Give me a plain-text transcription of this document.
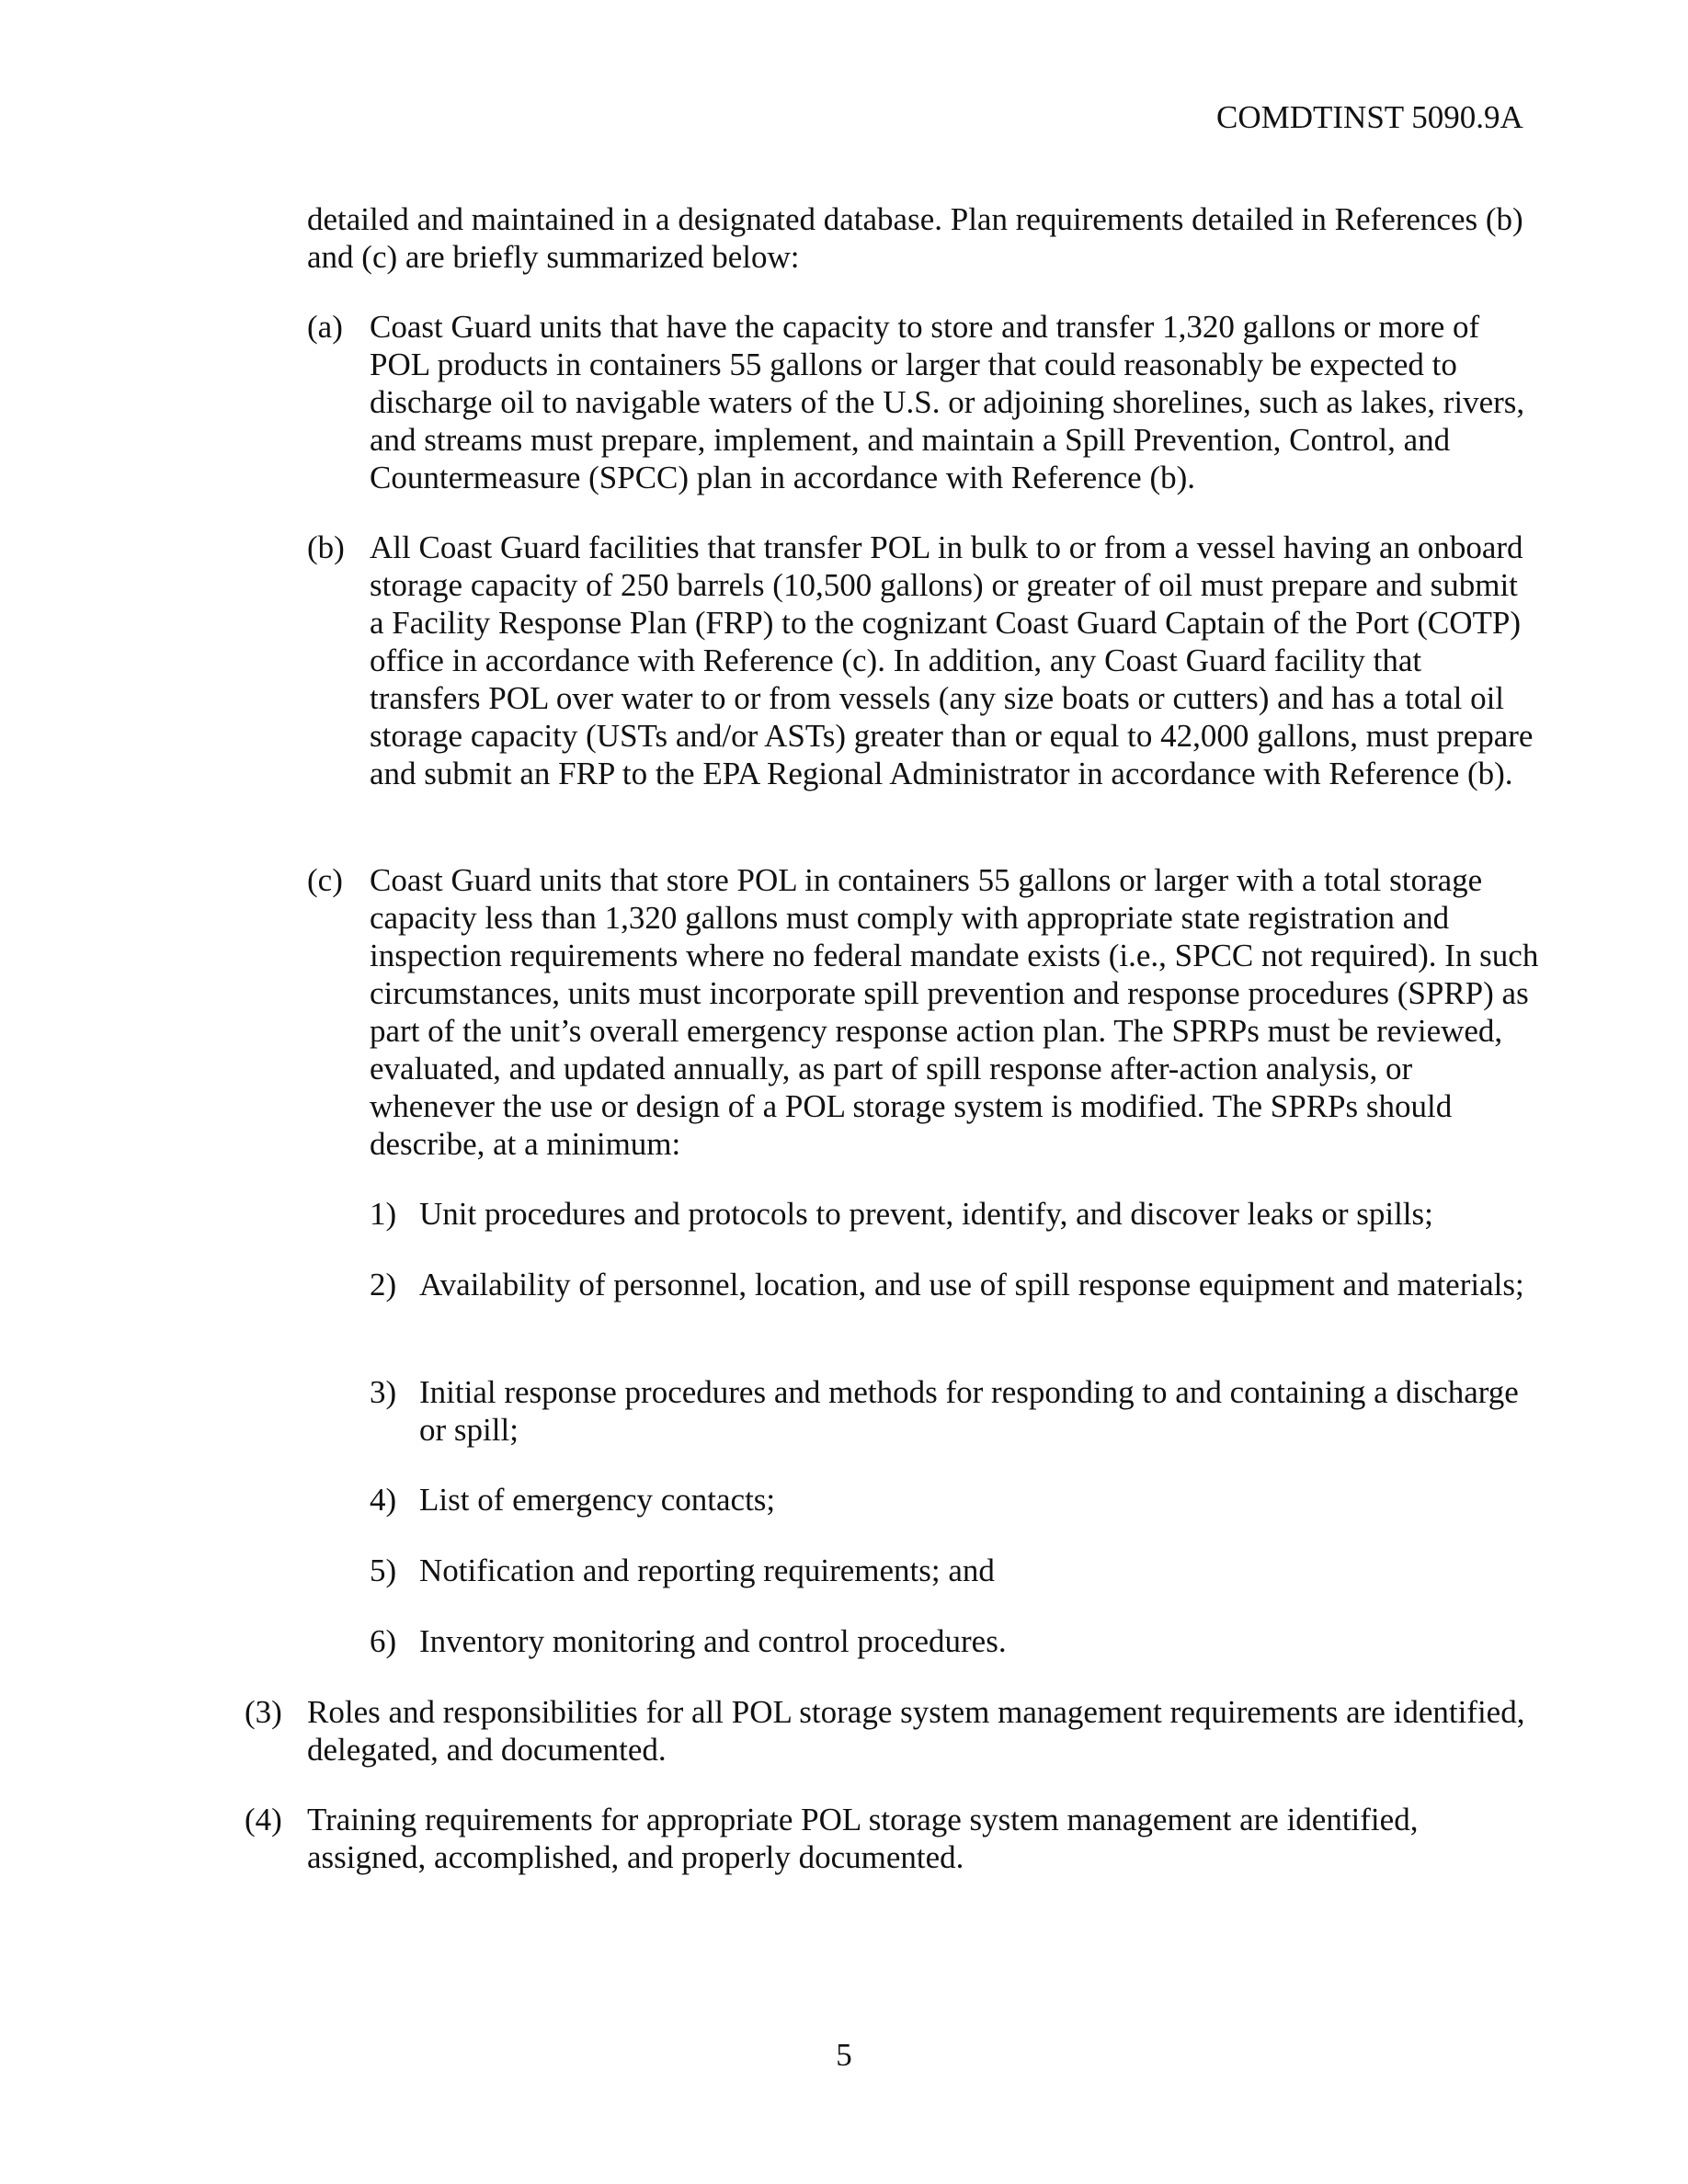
COMDTINST 5090.9A
detailed and maintained in a designated database. Plan requirements detailed in References (b) and (c) are briefly summarized below:
(a) Coast Guard units that have the capacity to store and transfer 1,320 gallons or more of POL products in containers 55 gallons or larger that could reasonably be expected to discharge oil to navigable waters of the U.S. or adjoining shorelines, such as lakes, rivers, and streams must prepare, implement, and maintain a Spill Prevention, Control, and Countermeasure (SPCC) plan in accordance with Reference (b).
(b) All Coast Guard facilities that transfer POL in bulk to or from a vessel having an onboard storage capacity of 250 barrels (10,500 gallons) or greater of oil must prepare and submit a Facility Response Plan (FRP) to the cognizant Coast Guard Captain of the Port (COTP) office in accordance with Reference (c). In addition, any Coast Guard facility that transfers POL over water to or from vessels (any size boats or cutters) and has a total oil storage capacity (USTs and/or ASTs) greater than or equal to 42,000 gallons, must prepare and submit an FRP to the EPA Regional Administrator in accordance with Reference (b).
(c) Coast Guard units that store POL in containers 55 gallons or larger with a total storage capacity less than 1,320 gallons must comply with appropriate state registration and inspection requirements where no federal mandate exists (i.e., SPCC not required). In such circumstances, units must incorporate spill prevention and response procedures (SPRP) as part of the unit’s overall emergency response action plan. The SPRPs must be reviewed, evaluated, and updated annually, as part of spill response after-action analysis, or whenever the use or design of a POL storage system is modified. The SPRPs should describe, at a minimum:
1) Unit procedures and protocols to prevent, identify, and discover leaks or spills;
2) Availability of personnel, location, and use of spill response equipment and materials;
3) Initial response procedures and methods for responding to and containing a discharge or spill;
4) List of emergency contacts;
5) Notification and reporting requirements; and
6) Inventory monitoring and control procedures.
(3) Roles and responsibilities for all POL storage system management requirements are identified, delegated, and documented.
(4) Training requirements for appropriate POL storage system management are identified, assigned, accomplished, and properly documented.
5
